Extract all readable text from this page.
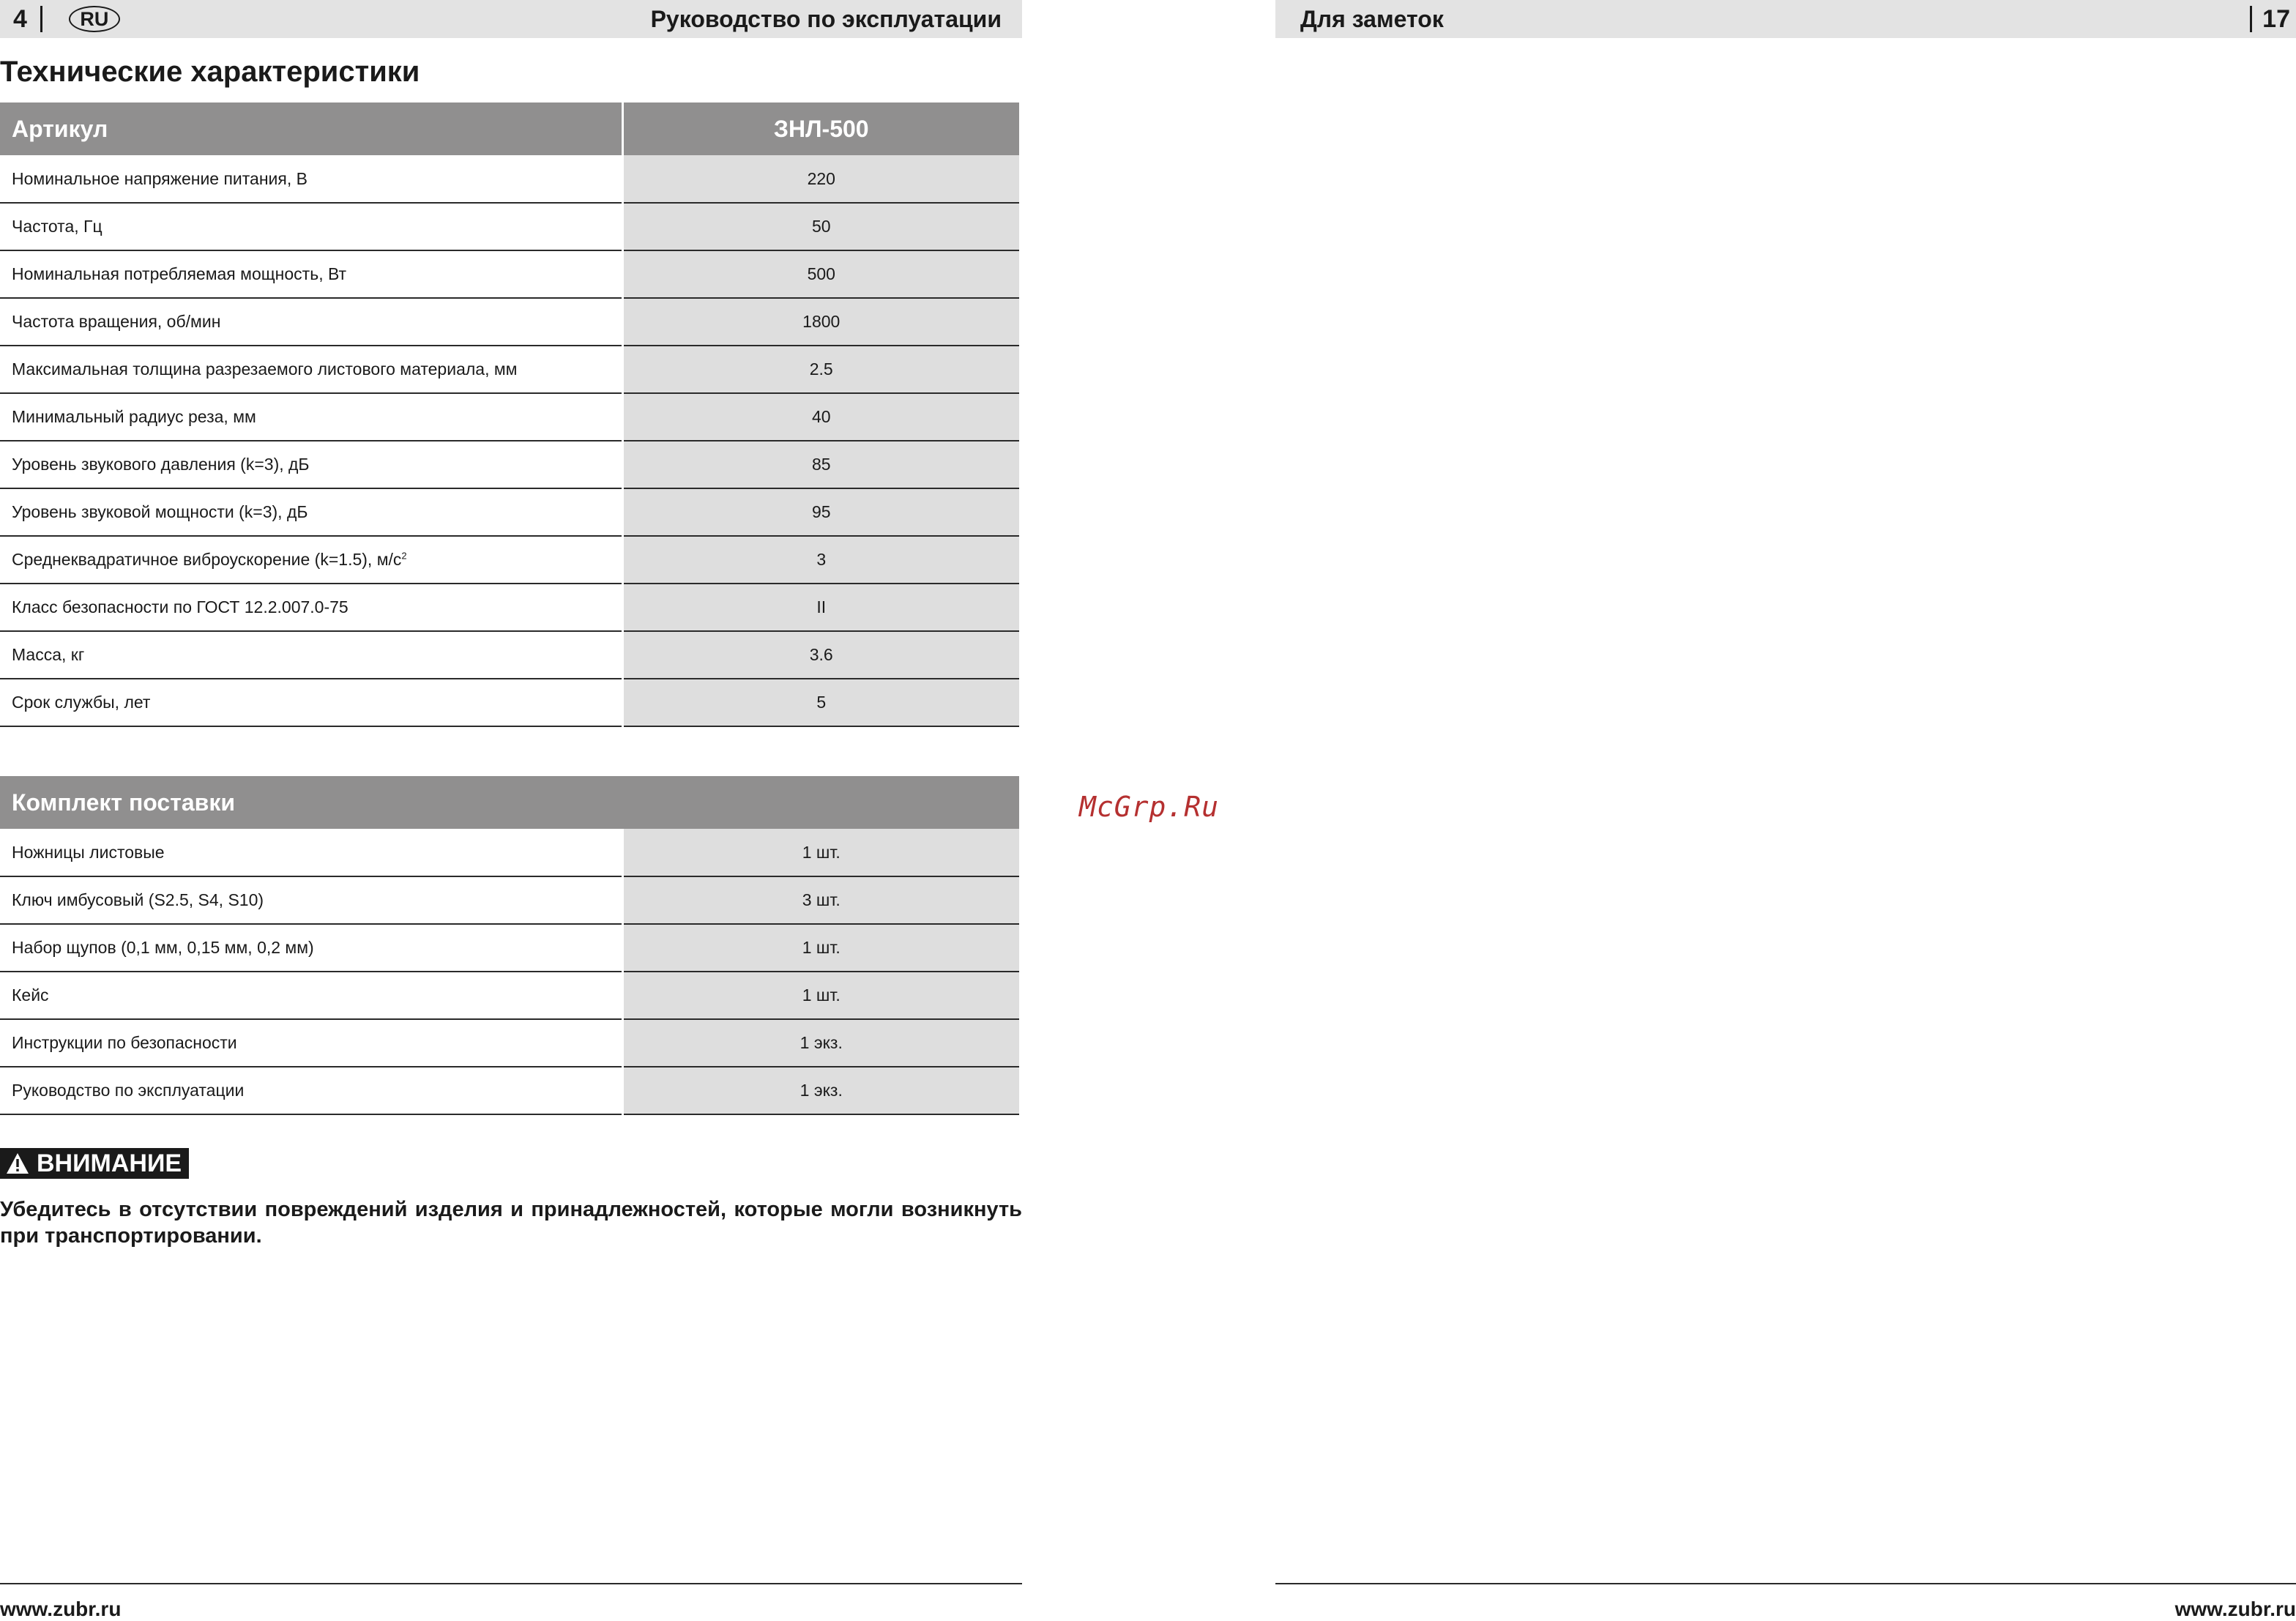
4	RU	Руководство по эксплуатации
Технические характеристики
Артикул	ЗНЛ-500
Номинальное напряжение питания, В	220
Частота, Гц	50
Номинальная потребляемая мощность, Вт	500
Частота вращения, об/мин	1800
Максимальная толщина разрезаемого листового материала, мм	2.5
Минимальный радиус реза, мм	40
Уровень звукового давления (k=3), дБ	85
Уровень звуковой мощности (k=3), дБ	95
Среднеквадратичное виброускорение (k=1.5), $м/с^2$	3
Класс безопасности по ГОСТ 12.2.007.0-75	II
Масса, кг	3.6
Срок службы, лет	5
Комплект поставки	
Ножницы листовые	1 шт.
Ключ имбусовый (S2.5, S4, S10)	3 шт.
Набор щупов (0,1 мм, 0,15 мм, 0,2 мм)	1 шт.
Кейс	1 шт.
Инструкции по безопасности	1 экз.
Руководство по эксплуатации	1 экз.
ВНИМАНИЕ

Убедитесь в отсутствии повреждений изделия и принадлежностей, которые могли возникнуть при транспортировании.

www.zubr.ru
Для заметок	17
www.zubr.ru

McGrp.Ru
